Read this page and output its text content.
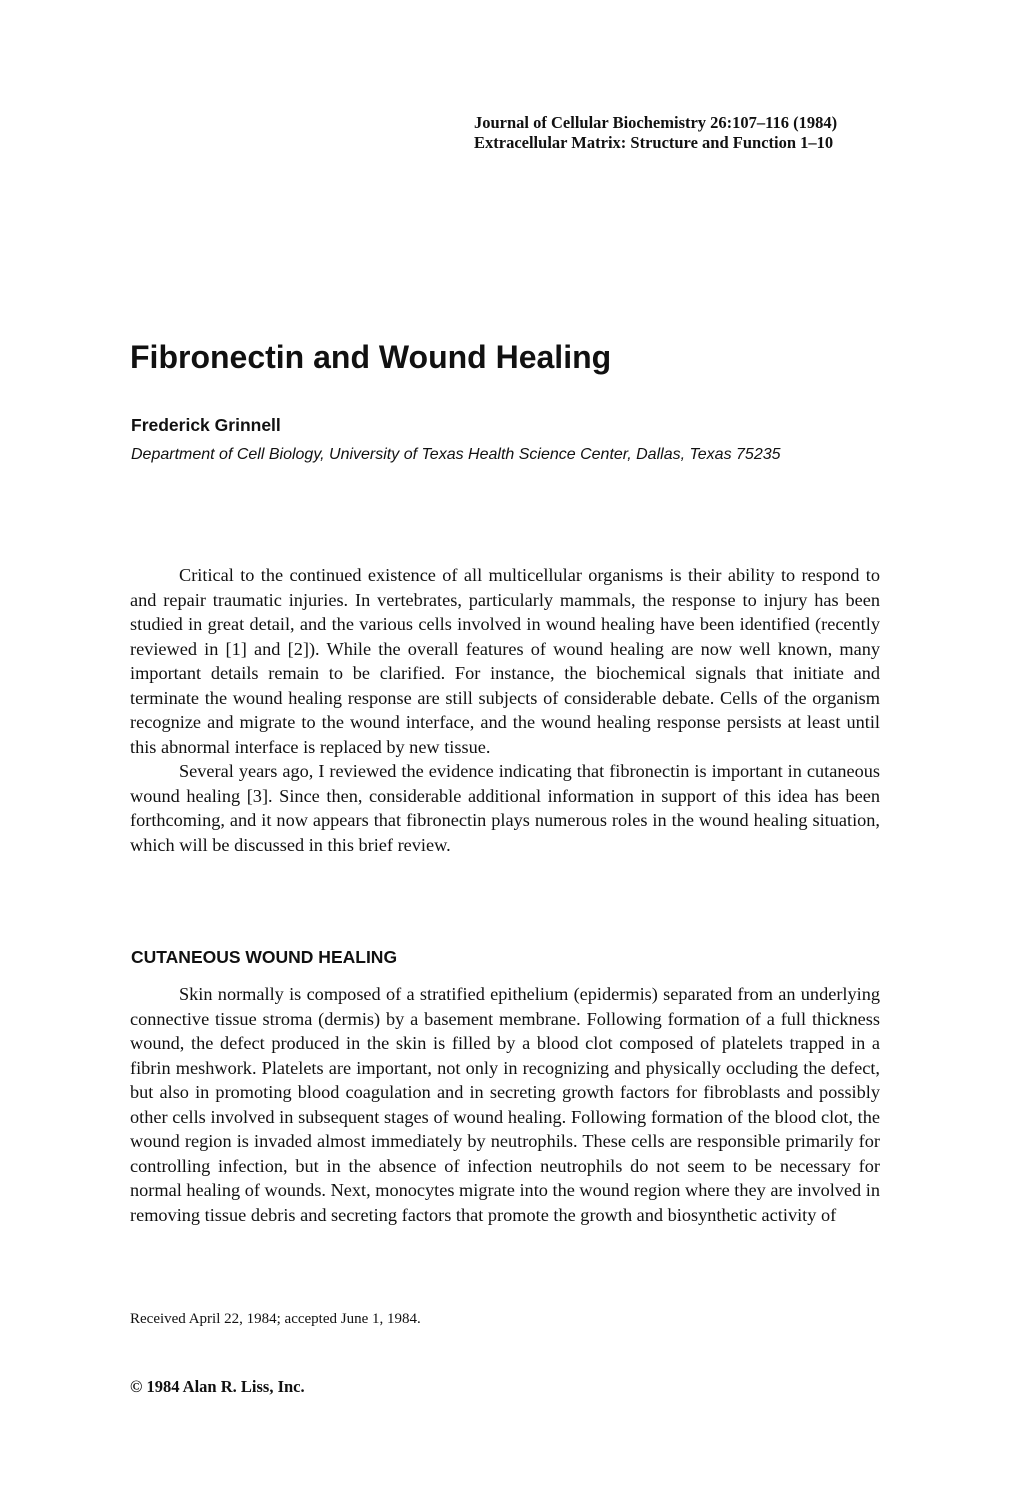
Journal of Cellular Biochemistry 26:107–116 (1984)
Extracellular Matrix: Structure and Function 1–10
Fibronectin and Wound Healing
Frederick Grinnell
Department of Cell Biology, University of Texas Health Science Center, Dallas, Texas 75235

Critical to the continued existence of all multicellular organisms is their ability to respond to and repair traumatic injuries. In vertebrates, particularly mammals, the response to injury has been studied in great detail, and the various cells involved in wound healing have been identified (recently reviewed in [1] and [2]). While the overall features of wound healing are now well known, many important details remain to be clarified. For instance, the biochemical signals that initiate and terminate the wound healing response are still subjects of considerable debate. Cells of the organism recognize and migrate to the wound interface, and the wound healing response persists at least until this abnormal interface is replaced by new tissue.

Several years ago, I reviewed the evidence indicating that fibronectin is important in cutaneous wound healing [3]. Since then, considerable additional information in support of this idea has been forthcoming, and it now appears that fibronectin plays numerous roles in the wound healing situation, which will be discussed in this brief review.

CUTANEOUS WOUND HEALING

Skin normally is composed of a stratified epithelium (epidermis) separated from an underlying connective tissue stroma (dermis) by a basement membrane. Following formation of a full thickness wound, the defect produced in the skin is filled by a blood clot composed of platelets trapped in a fibrin meshwork. Platelets are important, not only in recognizing and physically occluding the defect, but also in promoting blood coagulation and in secreting growth factors for fibroblasts and possibly other cells involved in subsequent stages of wound healing. Following formation of the blood clot, the wound region is invaded almost immediately by neutrophils. These cells are responsible primarily for controlling infection, but in the absence of infection neutrophils do not seem to be necessary for normal healing of wounds. Next, monocytes migrate into the wound region where they are involved in removing tissue debris and secreting factors that promote the growth and biosynthetic activity of

Received April 22, 1984; accepted June 1, 1984.
© 1984 Alan R. Liss, Inc.
